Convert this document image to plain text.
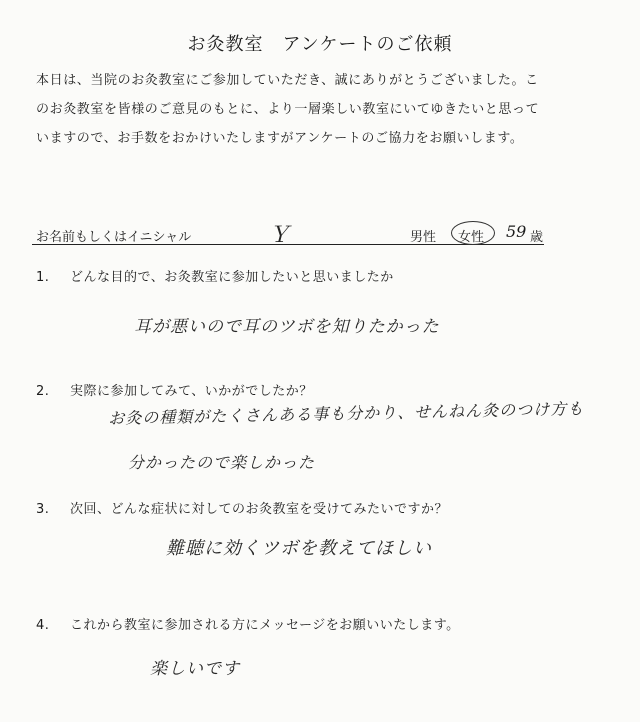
お灸教室　アンケートのご依頼

本日は、当院のお灸教室にご参加していただき、誠にありがとうございました。こ

のお灸教室を皆様のご意見のもとに、より一層楽しい教室にいてゆきたいと思って

いますので、お手数をおかけいたしますがアンケートのご協力をお願いします。

お名前もしくはイニシャル	Ｙ	男性 女性 59 歳
1. どんな目的で、お灸教室に参加したいと思いましたか
耳が悪いので耳のツボを知りたかった
2. 実際に参加してみて、いかがでしたか？
お灸の種類がたくさんある事も分かり、せんねん灸のつけ方も
分かったので楽しかった
3. 次回、どんな症状に対してのお灸教室を受けてみたいですか？
難聴に効くツボを教えてほしい
4. これから教室に参加される方にメッセージをお願いいたします。
楽しいです
